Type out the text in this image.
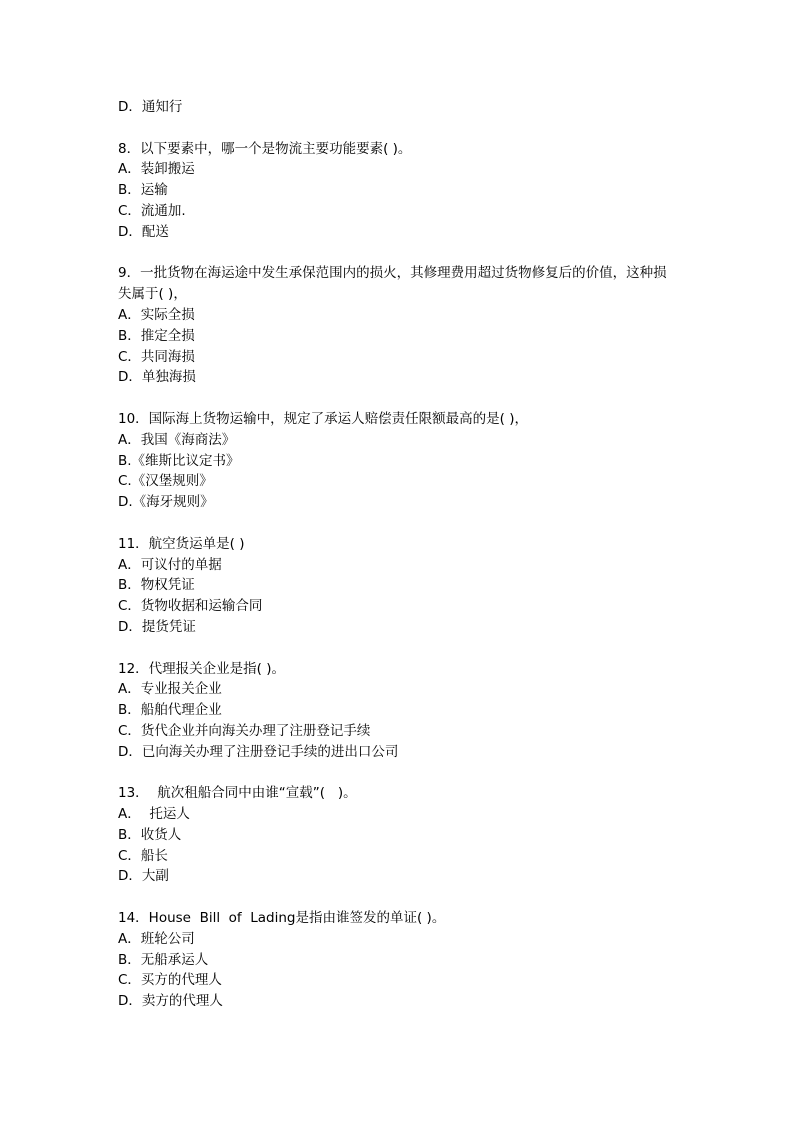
D．通知行
8．以下要素中，哪一个是物流主要功能要素( )。
A．装卸搬运
B．运输
C．流通加.
D．配送
9．一批货物在海运途中发生承保范围内的损火，其修理费用超过货物修复后的价值，这种损失属于( )，
A．实际全损
B．推定全损
C．共同海损
D．单独海损
10．国际海上货物运输中，规定了承运人赔偿责任限额最高的是( )，
A．我国《海商法》
B.《维斯比议定书》
C.《汉堡规则》
D.《海牙规则》
11．航空货运单是( )
A．可议付的单据
B．物权凭证
C．货物收据和运输合同
D．提货凭证
12．代理报关企业是指( )。
A．专业报关企业
B．船舶代理企业
C．货代企业并向海关办理了注册登记手续
D．已向海关办理了注册登记手续的进出口公司
13．  航次租船合同中由谁“宣载”(   )。
A．  托运人
B．收货人
C．船长
D．大副
14．House  Bill  of  Lading是指由谁签发的单证( )。
A．班轮公司
B．无船承运人
C．买方的代理人
D．卖方的代理人
